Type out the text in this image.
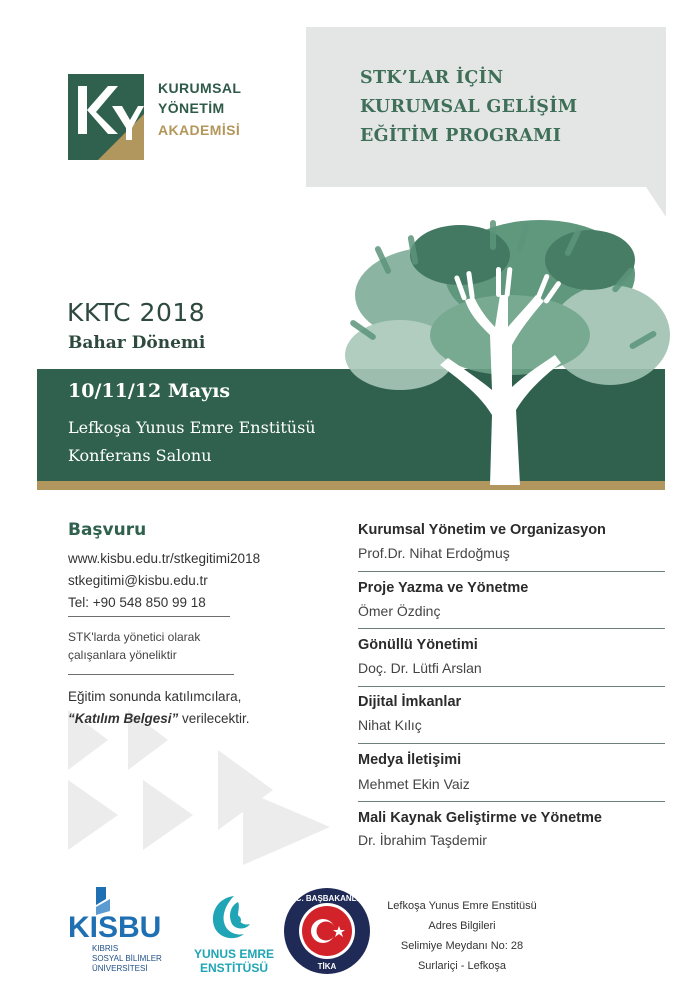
KY
KURUMSAL
YÖNETİM
AKADEMİSİ
STK’LAR İÇİN
KURUMSAL GELİŞİM
EĞİTİM PROGRAMI
KKTC 2018
Bahar Dönemi
10/11/12 Mayıs
Lefkoşa Yunus Emre Enstitüsü
Konferans Salonu
Başvuru
www.kisbu.edu.tr/stkegitimi2018
stkegitimi@kisbu.edu.tr
Tel: +90 548 850 99 18
STK'larda yönetici olarak
çalışanlara yöneliktir
Eğitim sonunda katılımcılara,
“Katılım Belgesi” verilecektir.
Kurumsal Yönetim ve Organizasyon
Prof.Dr. Nihat Erdoğmuş
Proje Yazma ve Yönetme
Ömer Özdinç
Gönüllü Yönetimi
Doç. Dr. Lütfi Arslan
Dijital İmkanlar
Nihat Kılıç
Medya İletişimi
Mehmet Ekin Vaiz
Mali Kaynak Geliştirme ve Yönetme
Dr. İbrahim Taşdemir
KISBU
KIBRIS
SOSYAL BİLİMLER
ÜNİVERSİTESİ
YUNUS EMRE
ENSTİTÜSÜ
T.C. BAŞBAKANLIK
TİKA
Lefkoşa Yunus Emre Enstitüsü
Adres Bilgileri
Selimiye Meydanı No: 28
Surlariçi - Lefkoşa
